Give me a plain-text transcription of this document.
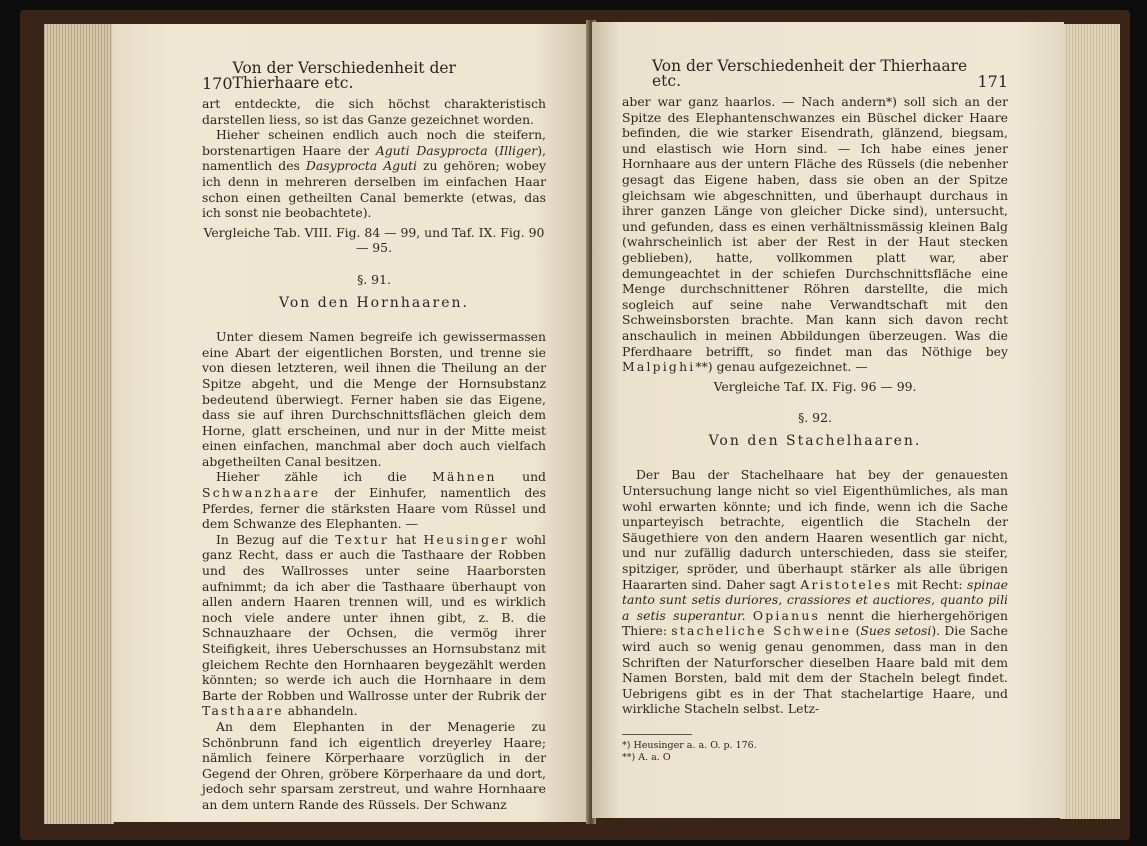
170
Von der Verschiedenheit der Thierhaare etc.

art entdeckte, die sich höchst charakteristisch darstellen liess, so ist das Ganze gezeichnet worden.

Hieher scheinen endlich auch noch die steifern, borstenartigen Haare der Aguti Dasyprocta (Illiger), namentlich des Dasyprocta Aguti zu gehören; wobey ich denn in mehreren derselben im einfachen Haar schon einen getheilten Canal bemerkte (etwas, das ich sonst nie beobachtete).

Vergleiche Tab. VIII. Fig. 84 — 99, und Taf. IX. Fig. 90 — 95.

§. 91.
Von den Hornhaaren.

Unter diesem Namen begreife ich gewissermassen eine Abart der eigentlichen Borsten, und trenne sie von diesen letzteren, weil ihnen die Theilung an der Spitze abgeht, und die Menge der Hornsubstanz bedeutend überwiegt. Ferner haben sie das Eigene, dass sie auf ihren Durchschnittsflächen gleich dem Horne, glatt erscheinen, und nur in der Mitte meist einen einfachen, manchmal aber doch auch vielfach abgetheilten Canal besitzen.

Hieher zähle ich die Mähnen und Schwanzhaare der Einhufer, namentlich des Pferdes, ferner die stärksten Haare vom Rüssel und dem Schwanze des Elephanten. —

In Bezug auf die Textur hat Heusinger wohl ganz Recht, dass er auch die Tasthaare der Robben und des Wallrosses unter seine Haarborsten aufnimmt; da ich aber die Tasthaare überhaupt von allen andern Haaren trennen will, und es wirklich noch viele andere unter ihnen gibt, z. B. die Schnauzhaare der Ochsen, die vermög ihrer Steifigkeit, ihres Ueberschusses an Hornsubstanz mit gleichem Rechte den Hornhaaren beygezählt werden könnten; so werde ich auch die Hornhaare in dem Barte der Robben und Wallrosse unter der Rubrik der Tasthaare abhandeln.

An dem Elephanten in der Menagerie zu Schönbrunn fand ich eigentlich dreyerley Haare; nämlich feinere Körperhaare vorzüglich in der Gegend der Ohren, gröbere Körperhaare da und dort, jedoch sehr sparsam zerstreut, und wahre Hornhaare an dem untern Rande des Rüssels. Der Schwanz

Von der Verschiedenheit der Thierhaare etc.	171

aber war ganz haarlos. — Nach andern*) soll sich an der Spitze des Elephantenschwanzes ein Büschel dicker Haare befinden, die wie starker Eisendrath, glänzend, biegsam, und elastisch wie Horn sind. — Ich habe eines jener Hornhaare aus der untern Fläche des Rüssels (die nebenher gesagt das Eigene haben, dass sie oben an der Spitze gleichsam wie abgeschnitten, und überhaupt durchaus in ihrer ganzen Länge von gleicher Dicke sind), untersucht, und gefunden, dass es einen verhältnissmässig kleinen Balg (wahrscheinlich ist aber der Rest in der Haut stecken geblieben), hatte, vollkommen platt war, aber demungeachtet in der schiefen Durchschnittsfläche eine Menge durchschnittener Röhren darstellte, die mich sogleich auf seine nahe Verwandtschaft mit den Schweinsborsten brachte. Man kann sich davon recht anschaulich in meinen Abbildungen überzeugen. Was die Pferdhaare betrifft, so findet man das Nöthige bey Malpighi**) genau aufgezeichnet. —

Vergleiche Taf. IX. Fig. 96 — 99.

§. 92.
Von den Stachelhaaren.

Der Bau der Stachelhaare hat bey der genauesten Untersuchung lange nicht so viel Eigenthümliches, als man wohl erwarten könnte; und ich finde, wenn ich die Sache unparteyisch betrachte, eigentlich die Stacheln der Säugethiere von den andern Haaren wesentlich gar nicht, und nur zufällig dadurch unterschieden, dass sie steifer, spitziger, spröder, und überhaupt stärker als alle übrigen Haararten sind. Daher sagt Aristoteles mit Recht: spinae tanto sunt setis duriores, crassiores et auctiores, quanto pili a setis superantur. Opianus nennt die hierhergehörigen Thiere: stacheliche Schweine (Sues setosi). Die Sache wird auch so wenig genau genommen, dass man in den Schriften der Naturforscher dieselben Haare bald mit dem Namen Borsten, bald mit dem der Stacheln belegt findet. Uebrigens gibt es in der That stachelartige Haare, und wirkliche Stacheln selbst. Letz-

*) Heusinger a. a. O. p. 176.
**) A. a. O
